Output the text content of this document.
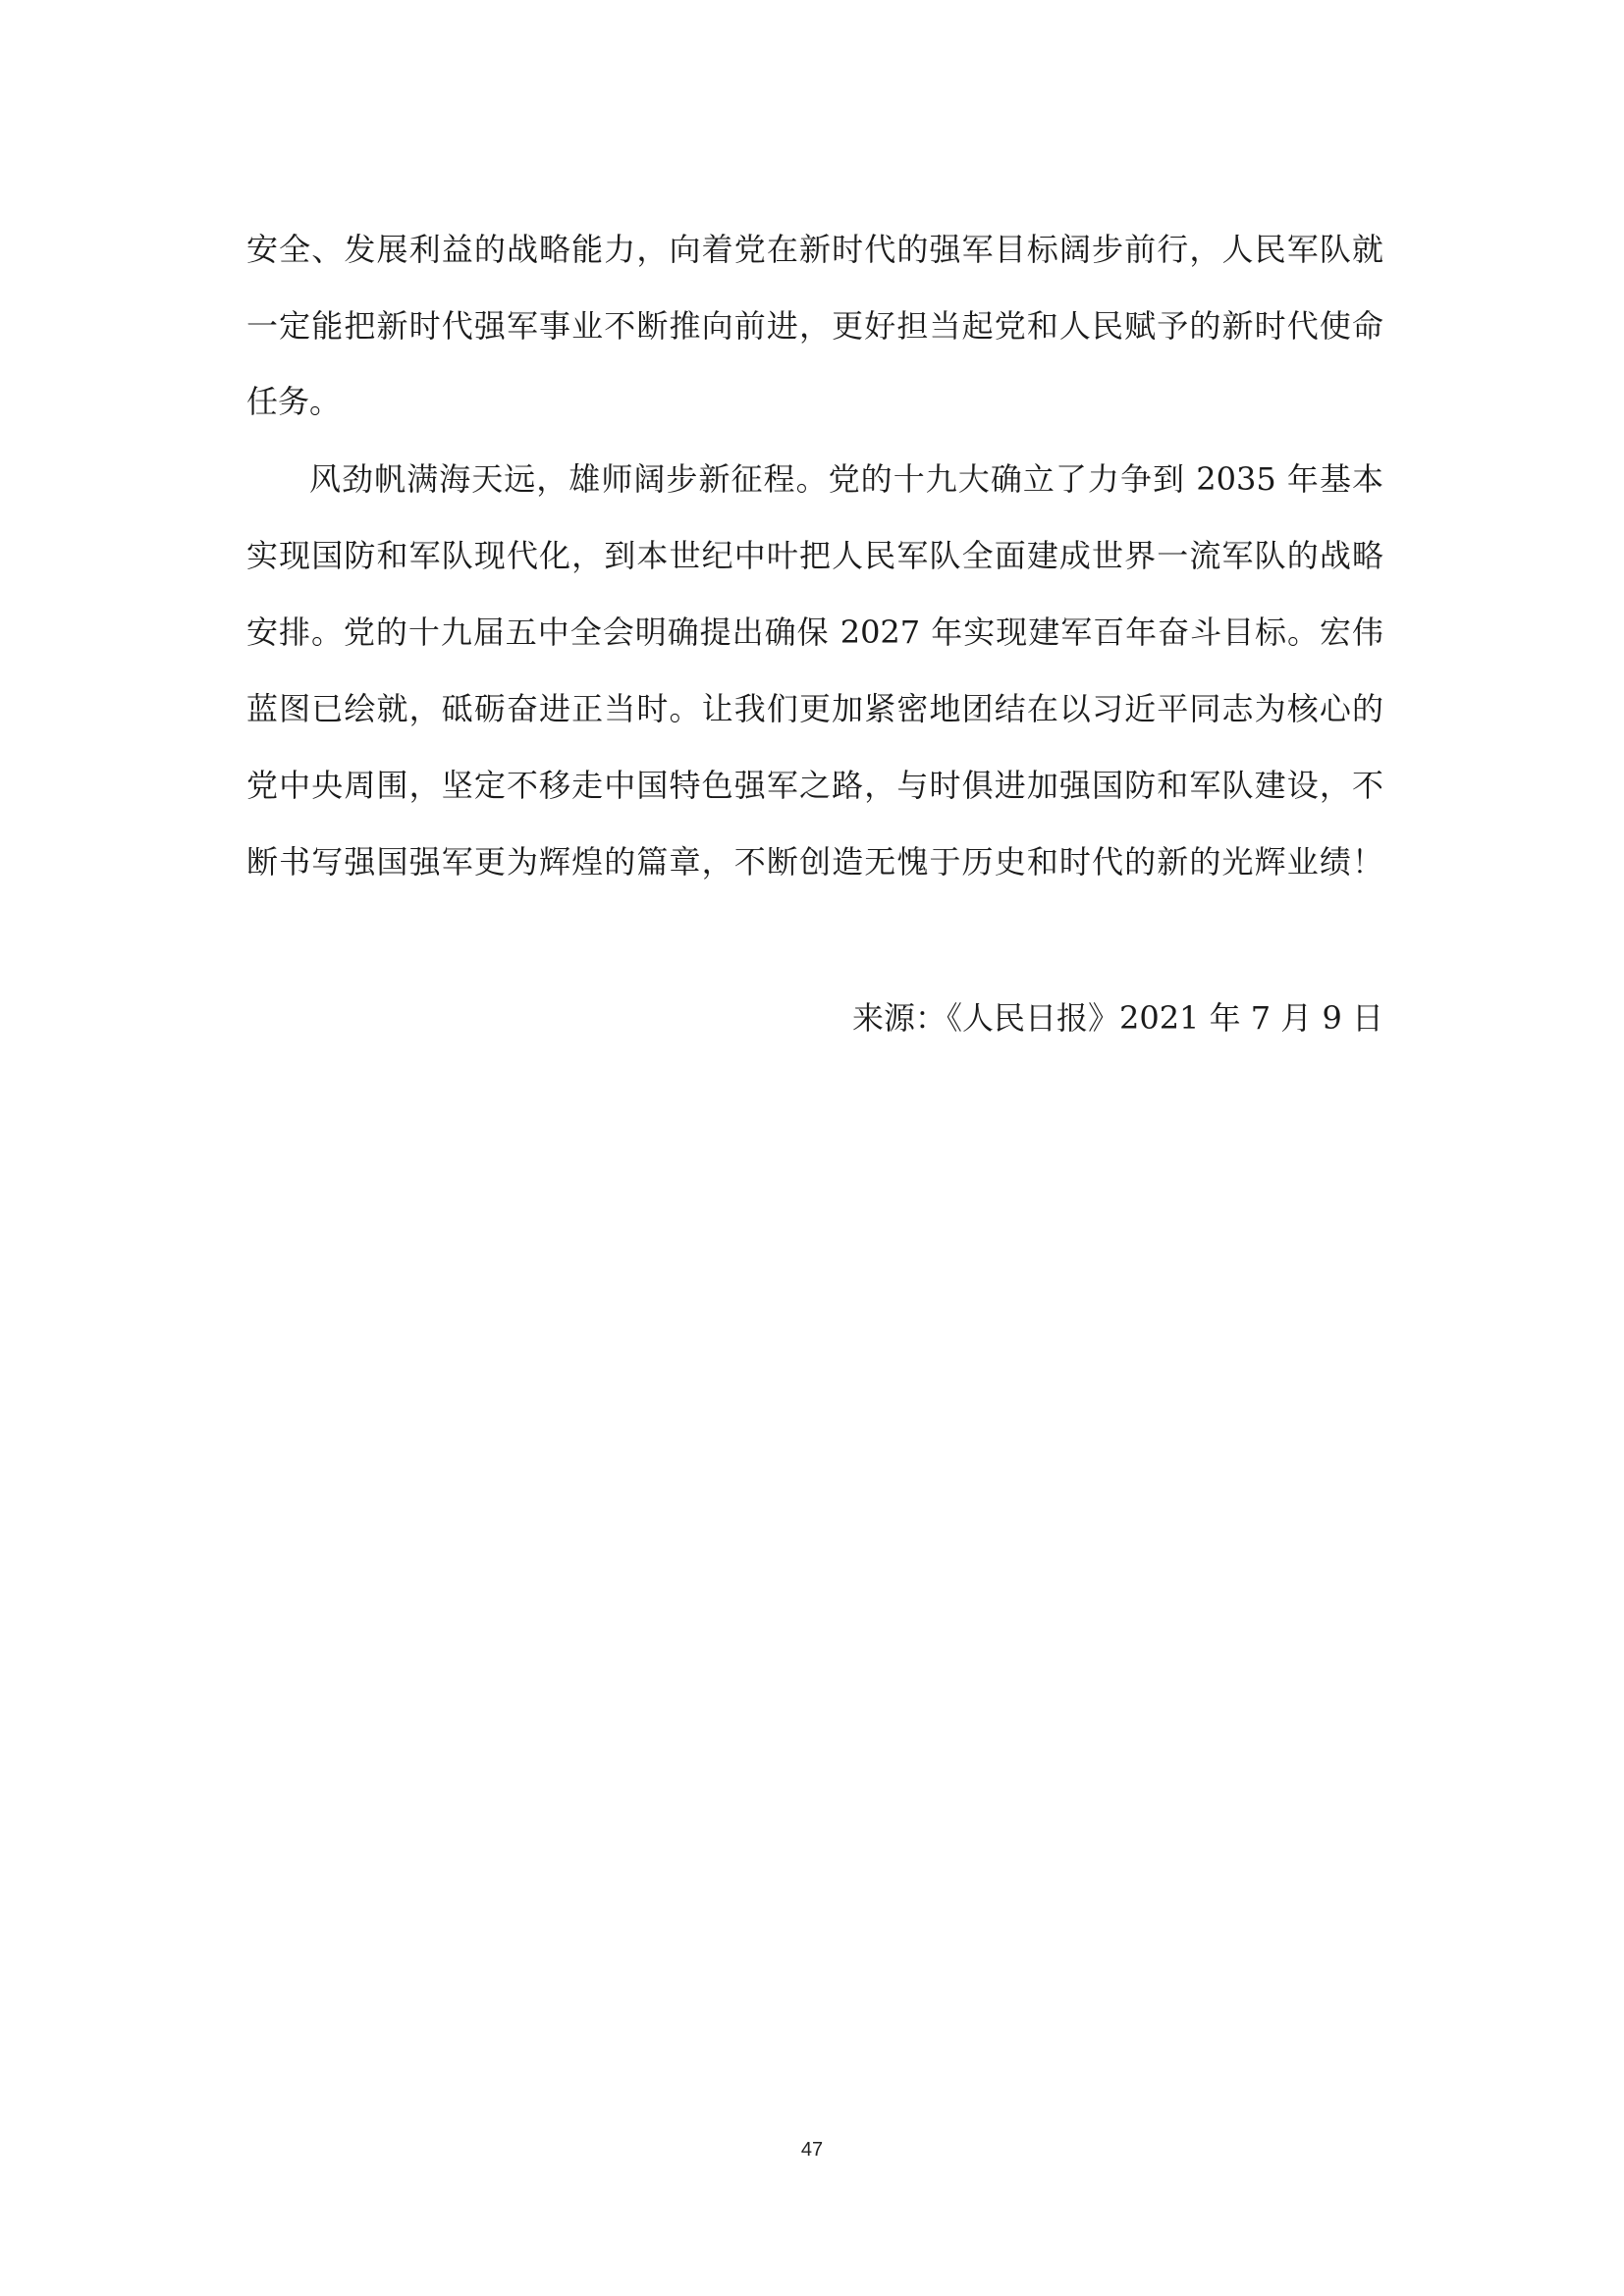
安全、发展利益的战略能力，向着党在新时代的强军目标阔步前行，人民军队就
一定能把新时代强军事业不断推向前进，更好担当起党和人民赋予的新时代使命
任务。
风劲帆满海天远，雄师阔步新征程。党的十九大确立了力争到 2035 年基本
实现国防和军队现代化，到本世纪中叶把人民军队全面建成世界一流军队的战略
安排。党的十九届五中全会明确提出确保 2027 年实现建军百年奋斗目标。宏伟
蓝图已绘就，砥砺奋进正当时。让我们更加紧密地团结在以习近平同志为核心的
党中央周围，坚定不移走中国特色强军之路，与时俱进加强国防和军队建设，不
断书写强国强军更为辉煌的篇章，不断创造无愧于历史和时代的新的光辉业绩！
来源：《人民日报》2021 年 7 月 9 日
47
